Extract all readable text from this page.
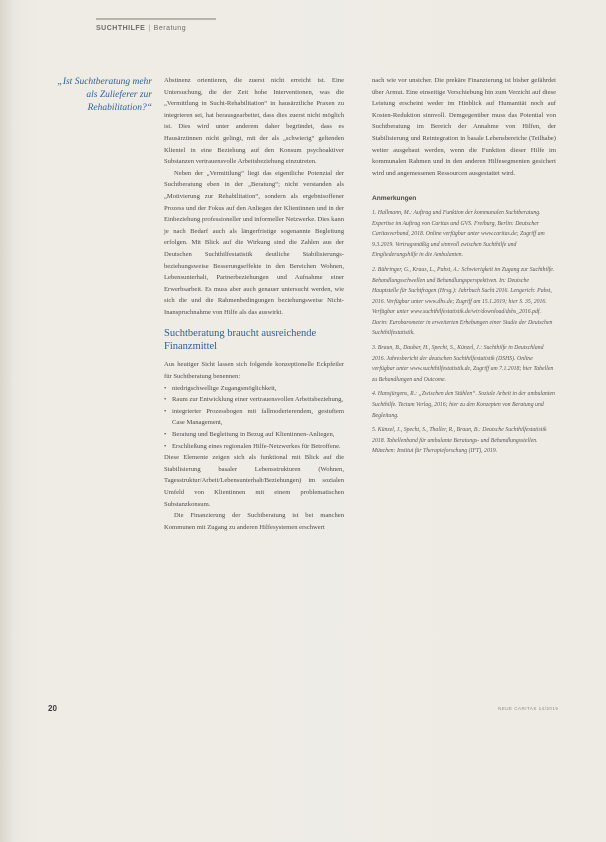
SUCHTHILFE | Beratung
„Ist Suchtberatung mehr als Zulieferer zur Rehabilitation?“

Abstinenz orientieren, die zuerst nicht erreicht ist. Eine Untersuchung, die der Zeit hohe Interventionen, was die „Vermittlung in Sucht-Rehabilitation“ in hausärztliche Praxen zu integrieren sei, hat herausgearbeitet, dass dies zuerst nicht möglich ist. Dies wird unter anderem daher begründet, dass es Hausärztinnen nicht gelingt, mit der als „schwierig“ geltenden Klientel in eine Beziehung auf den Konsum psychoaktiver Substanzen vertrauensvolle Arbeitsbeziehung einzutreten.

Neben der „Vermittlung“ liegt das eigentliche Potenzial der Suchtberatung eben in der „Beratung“; nicht verstanden als „Motivierung zur Rehabilitation“, sondern als ergebnisoffener Prozess und der Fokus auf den Anliegen der Klientinnen und in der Einbeziehung professioneller und informeller Netzwerke. Dies kann je nach Bedarf auch als längerfristige sogenannte Begleitung erfolgen. Mit Blick auf die Wirkung sind die Zahlen aus der Deutschen Suchthilfestatistik deutliche Stabilisierungs- beziehungsweise Besserungseffekte in den Bereichen Wohnen, Lebensunterhalt, Partnerbeziehungen und Aufnahme einer Erwerbsarbeit. Es muss aber auch genauer untersucht werden, wie sich die und die Rahmenbedingungen beziehungsweise Nicht-Inanspruchnahme von Hilfe als das auswirkt.

Suchtberatung braucht ausreichende Finanzmittel

Aus heutiger Sicht lassen sich folgende konzeptionelle Eckpfeiler für Suchtberatung benennen:

• niedrigschwellige Zugangsmöglichkeit,
• Raum zur Entwicklung einer vertrauensvollen Arbeitsbeziehung,
• integrierter Prozessbogen mit fallmoderierendem, gestuftem Case Management,
• Beratung und Begleitung in Bezug auf Klientinnen-Anliegen,
• Erschließung eines regionalen Hilfe-Netzwerkes für Betroffene.

Diese Elemente zeigen sich als funktional mit Blick auf die Stabilisierung basaler Lebensstrukturen (Wohnen, Tagesstruktur/Arbeit/Lebensunterhalt/Beziehungen) im sozialen Umfeld von Klientinnen mit einem problematischen Substanzkonsum.

Die Finanzierung der Suchtberatung ist bei manchen Kommunen mit Zugang zu anderen Hilfesystemen erschwert

nach wie vor unsicher. Die prekäre Finanzierung ist bisher gefährdet über Armut. Eine einseitige Verschiebung hin zum Verzicht auf diese Leistung erscheint weder im Hinblick auf Humanität noch auf Kosten-Reduktion sinnvoll. Demgegenüber muss das Potential von Suchtberatung im Bereich der Annahme von Hilfen, der Stabilisierung und Reintegration in basale Lebensbereiche (Teilhabe) weiter ausgebaut werden, wenn die Funktion dieser Hilfe im kommunalen Rahmen und in den anderen Hilfesegmenten gesichert wird und angemessenen Ressourcen ausgestattet wird.

Anmerkungen
1. Hallmann, M.: Auftrag und Funktion der kommunalen Suchtberatung. Expertise im Auftrag von Caritas und GVS. Freiburg, Berlin: Deutscher Caritasverband, 2018. Online verfügbar unter www.caritas.de; Zugriff am 9.3.2019. Vertragsmäßig und sinnvoll zwischen Suchthilfe und Eingliederungshilfe in die Ambulanten.
2. Bühringer, G., Kraus, L., Pabst, A.: Schwierigkeit im Zugang zur Suchthilfe. Behandlungsschwellen und Behandlungsperspektiven. In: Deutsche Hauptstelle für Suchtfragen (Hrsg.): Jahrbuch Sucht 2016. Lengerich: Pabst, 2016. Verfügbar unter www.dhs.de; Zugriff am 15.1.2019; hier S. 35, 2016. Verfügbar unter www.suchthilfestatistik.de/wir/download/dshs_2016.pdf. Darin: Eurobarometer in erweiterten Erhebungen einer Studie der Deutschen Suchthilfestatistik.
3. Braun, B., Dauber, H., Specht, S., Künzel, J.: Suchthilfe in Deutschland 2016. Jahresbericht der deutschen Suchthilfestatistik (DSHS). Online verfügbar unter www.suchthilfestatistik.de, Zugriff am 7.1.2018; hier Tabellen zu Behandlungen und Outcome.
4. Hansjürgens, R.: „Zwischen den Stühlen“. Soziale Arbeit in der ambulanten Suchthilfe. Tectum Verlag, 2016; hier zu den Konzepten von Beratung und Begleitung.
5. Künzel, J., Specht, S., Thaller, R., Braun, B.: Deutsche Suchthilfestatistik 2018. Tabellenband für ambulante Beratungs- und Behandlungsstellen. München: Institut für Therapieforschung (IFT), 2019.
20	NEUE CARITAS 14/2019
